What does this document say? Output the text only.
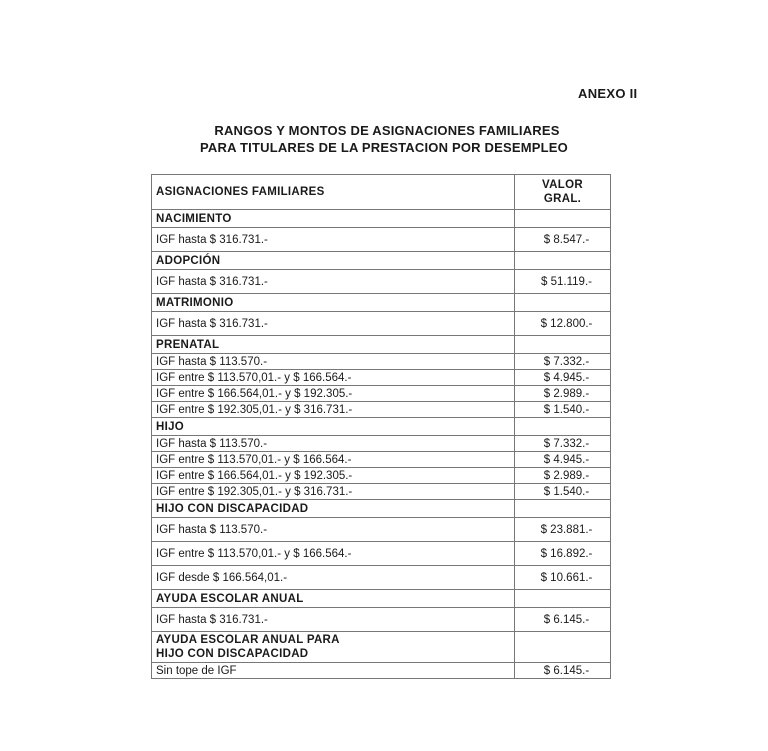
ANEXO II
RANGOS Y MONTOS DE ASIGNACIONES FAMILIARES
PARA TITULARES DE LA PRESTACION POR DESEMPLEO
ASIGNACIONES FAMILIARES	VALOR
GRAL.
NACIMIENTO	
IGF hasta $ 316.731.-	$ 8.547.-
ADOPCIÓN	
IGF hasta $ 316.731.-	$ 51.119.-
MATRIMONIO	
IGF hasta $ 316.731.-	$ 12.800.-
PRENATAL	
IGF hasta $ 113.570.-	$ 7.332.-
IGF entre $ 113.570,01.- y $ 166.564.-	$ 4.945.-
IGF entre $ 166.564,01.- y $ 192.305.-	$ 2.989.-
IGF entre $ 192.305,01.- y $ 316.731.-	$ 1.540.-
HIJO	
IGF hasta $ 113.570.-	$ 7.332.-
IGF entre $ 113.570,01.- y $ 166.564.-	$ 4.945.-
IGF entre $ 166.564,01.- y $ 192.305.-	$ 2.989.-
IGF entre $ 192.305,01.- y $ 316.731.-	$ 1.540.-
HIJO CON DISCAPACIDAD	
IGF hasta $ 113.570.-	$ 23.881.-
IGF entre $ 113.570,01.- y $ 166.564.-	$ 16.892.-
IGF desde $ 166.564,01.-	$ 10.661.-
AYUDA ESCOLAR ANUAL	
IGF hasta $ 316.731.-	$ 6.145.-
AYUDA ESCOLAR ANUAL PARA
HIJO CON DISCAPACIDAD	
Sin tope de IGF	$ 6.145.-
